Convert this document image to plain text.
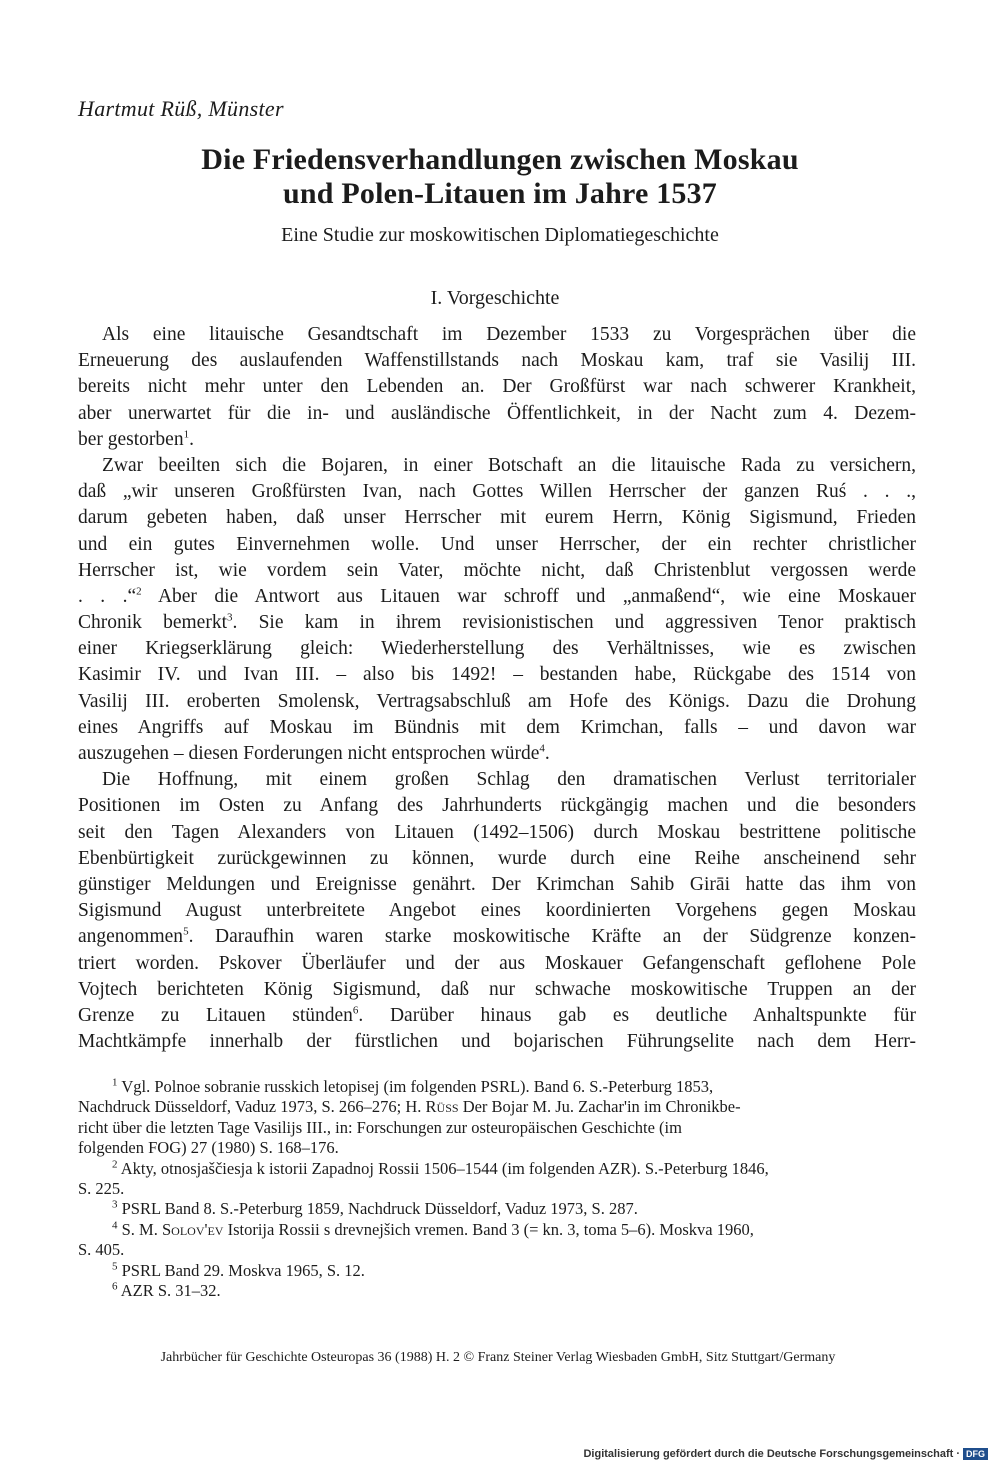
Hartmut Rüß, Münster
Die Friedensverhandlungen zwischen Moskau
und Polen-Litauen im Jahre 1537
Eine Studie zur moskowitischen Diplomatiegeschichte
I. Vorgeschichte
Als eine litauische Gesandtschaft im Dezember 1533 zu Vorgesprächen über die
Erneuerung des auslaufenden Waffenstillstands nach Moskau kam, traf sie Vasilij III.
bereits nicht mehr unter den Lebenden an. Der Großfürst war nach schwerer Krankheit,
aber unerwartet für die in- und ausländische Öffentlichkeit, in der Nacht zum 4. Dezem-
ber gestorben$^1$.
Zwar beeilten sich die Bojaren, in einer Botschaft an die litauische Rada zu versichern,
daß „wir unseren Großfürsten Ivan, nach Gottes Willen Herrscher der ganzen Ruś . . .,
darum gebeten haben, daß unser Herrscher mit eurem Herrn, König Sigismund, Frieden
und ein gutes Einvernehmen wolle. Und unser Herrscher, der ein rechter christlicher
Herrscher ist, wie vordem sein Vater, möchte nicht, daß Christenblut vergossen werde
. . .“$^2$ Aber die Antwort aus Litauen war schroff und „anmaßend“, wie eine Moskauer
Chronik bemerkt$^3$. Sie kam in ihrem revisionistischen und aggressiven Tenor praktisch
einer Kriegserklärung gleich: Wiederherstellung des Verhältnisses, wie es zwischen
Kasimir IV. und Ivan III. – also bis 1492! – bestanden habe, Rückgabe des 1514 von
Vasilij III. eroberten Smolensk, Vertragsabschluß am Hofe des Königs. Dazu die Drohung
eines Angriffs auf Moskau im Bündnis mit dem Krimchan, falls – und davon war
auszugehen – diesen Forderungen nicht entsprochen würde$^4$.
Die Hoffnung, mit einem großen Schlag den dramatischen Verlust territorialer
Positionen im Osten zu Anfang des Jahrhunderts rückgängig machen und die besonders
seit den Tagen Alexanders von Litauen (1492–1506) durch Moskau bestrittene politische
Ebenbürtigkeit zurückgewinnen zu können, wurde durch eine Reihe anscheinend sehr
günstiger Meldungen und Ereignisse genährt. Der Krimchan Sahib Girāi hatte das ihm von
Sigismund August unterbreitete Angebot eines koordinierten Vorgehens gegen Moskau
angenommen$^5$. Daraufhin waren starke moskowitische Kräfte an der Südgrenze konzen-
triert worden. Pskover Überläufer und der aus Moskauer Gefangenschaft geflohene Pole
Vojtech berichteten König Sigismund, daß nur schwache moskowitische Truppen an der
Grenze zu Litauen stünden$^6$. Darüber hinaus gab es deutliche Anhaltspunkte für
Machtkämpfe innerhalb der fürstlichen und bojarischen Führungselite nach dem Herr-
$^1$ Vgl. Polnoe sobranie russkich letopisej (im folgenden PSRL). Band 6. S.-Peterburg 1853,
Nachdruck Düsseldorf, Vaduz 1973, S. 266–276; H. Rüss Der Bojar M. Ju. Zachar'in im Chronikbe-
richt über die letzten Tage Vasilijs III., in: Forschungen zur osteuropäischen Geschichte (im
folgenden FOG) 27 (1980) S. 168–176.
$^2$ Akty, otnosjaščiesja k istorii Zapadnoj Rossii 1506–1544 (im folgenden AZR). S.-Peterburg 1846,
S. 225.
$^3$ PSRL Band 8. S.-Peterburg 1859, Nachdruck Düsseldorf, Vaduz 1973, S. 287.
$^4$ S. M. Solov'ev Istorija Rossii s drevnejšich vremen. Band 3 (= kn. 3, toma 5–6). Moskva 1960,
S. 405.
$^5$ PSRL Band 29. Moskva 1965, S. 12.
$^6$ AZR S. 31–32.
Jahrbücher für Geschichte Osteuropas 36 (1988) H. 2 © Franz Steiner Verlag Wiesbaden GmbH, Sitz Stuttgart/Germany
Digitalisierung gefördert durch die Deutsche Forschungsgemeinschaft · DFG
